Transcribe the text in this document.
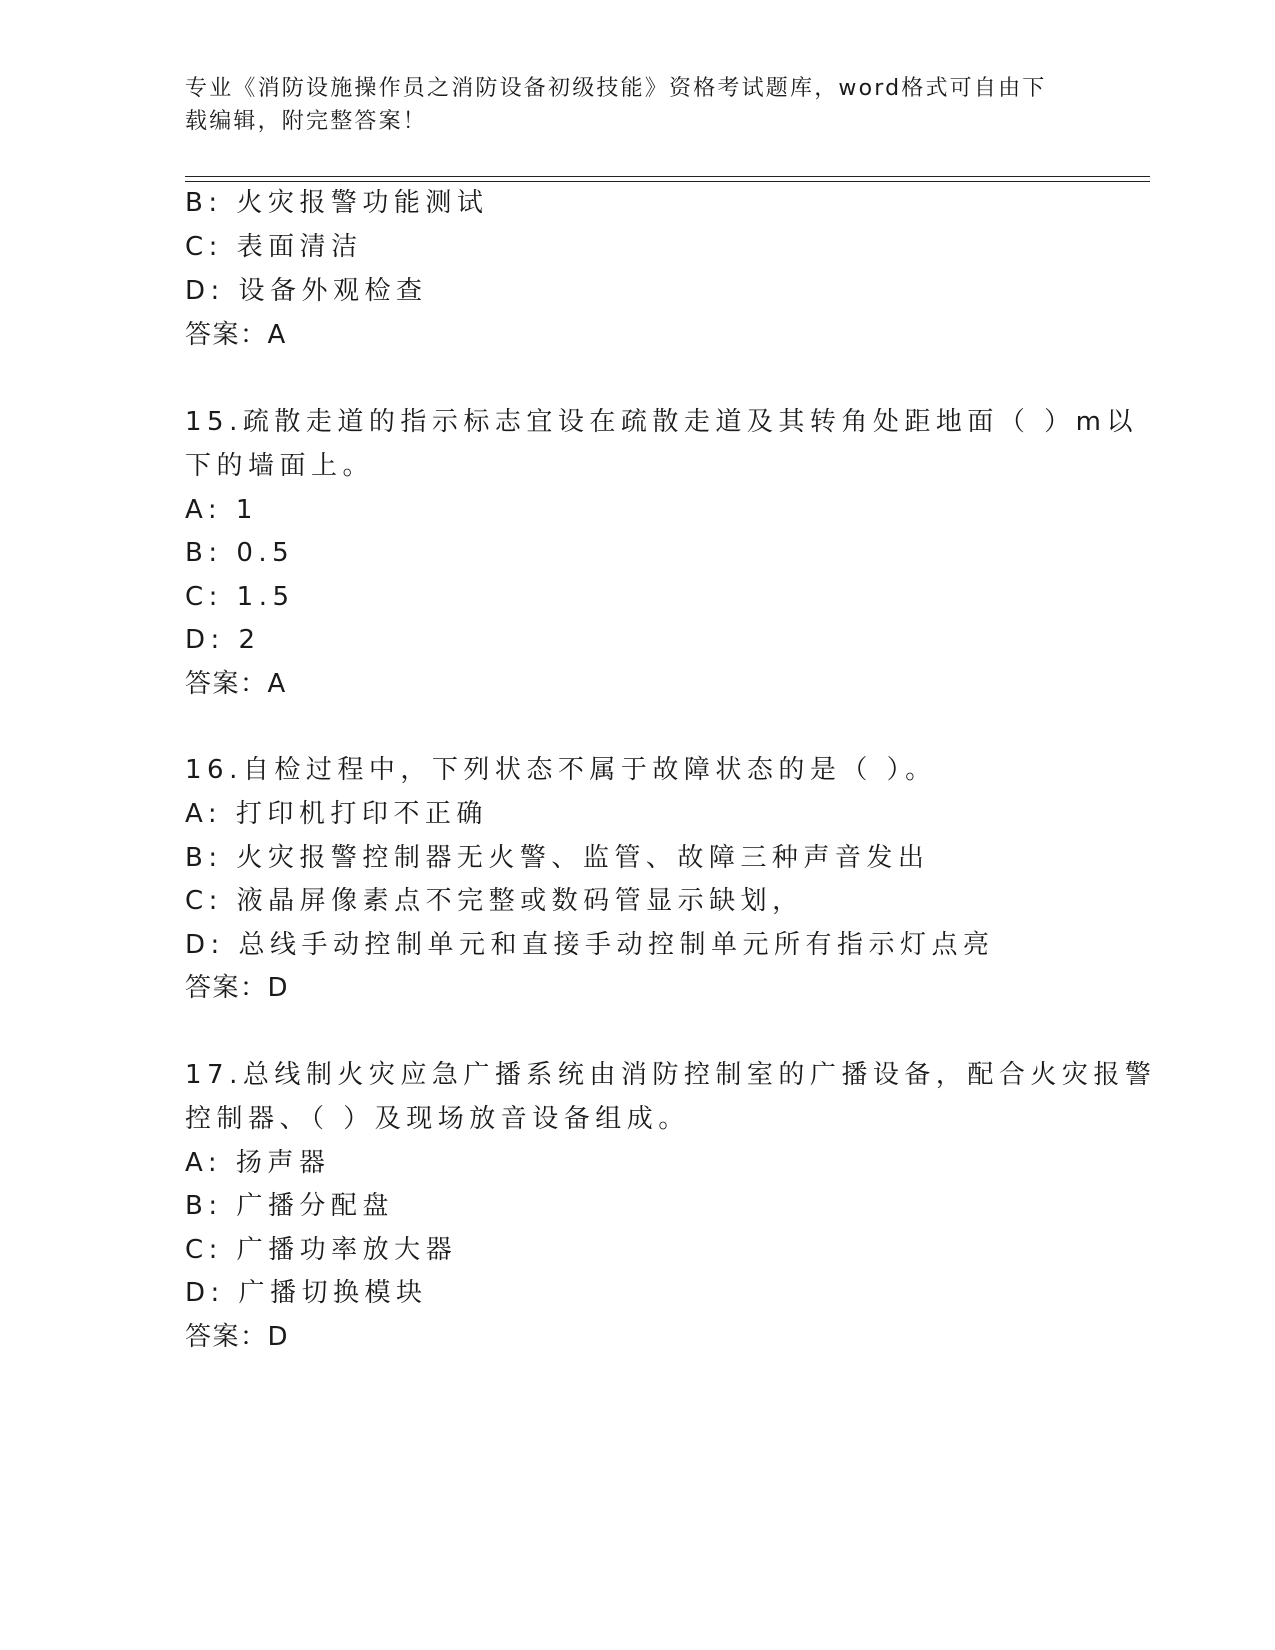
专业《消防设施操作员之消防设备初级技能》资格考试题库，word格式可自由下
载编辑，附完整答案！
B: 火灾报警功能测试
C: 表面清洁
D: 设备外观检查
答案：A
15.疏散走道的指示标志宜设在疏散走道及其转角处距地面（ ）m以
下的墙面上。
A: 1
B: 0.5
C: 1.5
D: 2
答案：A
16.自检过程中，下列状态不属于故障状态的是（ ）。
A: 打印机打印不正确
B: 火灾报警控制器无火警、监管、故障三种声音发出
C: 液晶屏像素点不完整或数码管显示缺划，
D: 总线手动控制单元和直接手动控制单元所有指示灯点亮
答案：D
17.总线制火灾应急广播系统由消防控制室的广播设备，配合火灾报警
控制器、（ ）及现场放音设备组成。
A: 扬声器
B: 广播分配盘
C: 广播功率放大器
D: 广播切换模块
答案：D
